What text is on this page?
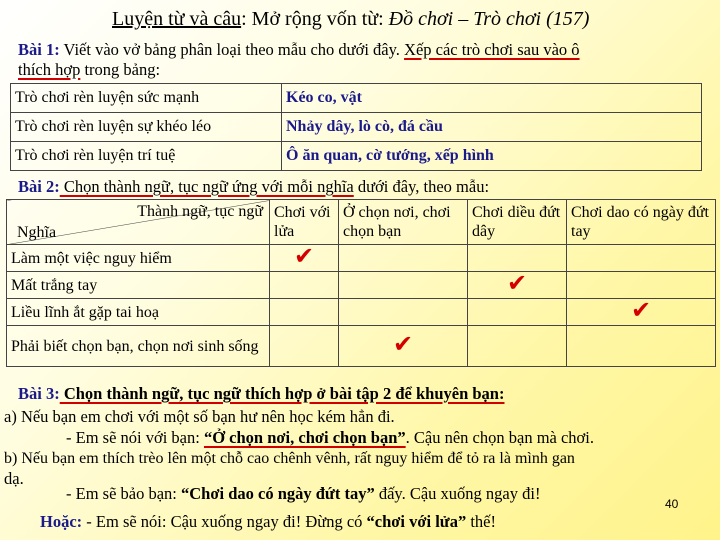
Luyện từ và câu: Mở rộng vốn từ: Đồ chơi – Trò chơi (157)
Bài 1: Viết vào vở bảng phân loại theo mẫu cho dưới đây. Xếp các trò chơi sau vào ô
thích hợp trong bảng:
Trò chơi rèn luyện sức mạnh	Kéo co, vật
Trò chơi rèn luyện sự khéo léo	Nhảy dây, lò cò, đá cầu
Trò chơi rèn luyện trí tuệ	Ô ăn quan, cờ tướng, xếp hình
Bài 2: Chọn thành ngữ, tục ngữ ứng với mỗi nghĩa dưới đây, theo mẫu:
Thành ngữ, tục ngữ
Nghĩa	Chơi với lửa	Ở chọn nơi, chơi chọn bạn	Chơi diều đứt dây	Chơi dao có ngày đứt tay
Làm một việc nguy hiểm	✔			
Mất trắng tay			✔	
Liều lĩnh ắt gặp tai hoạ				✔
Phải biết chọn bạn, chọn nơi sinh sống		✔		
Bài 3: Chọn thành ngữ, tục ngữ thích hợp ở bài tập 2 để khuyên bạn:
a) Nếu bạn em chơi với một số bạn hư nên học kém hẳn đi.
- Em sẽ nói với bạn: “Ở chọn nơi, chơi chọn bạn”. Cậu nên chọn bạn mà chơi.
b) Nếu bạn em thích trèo lên một chỗ cao chênh vênh, rất nguy hiểm để tỏ ra là mình gan
dạ.
- Em sẽ bảo bạn: “Chơi dao có ngày đứt tay” đấy. Cậu xuống ngay đi!
Hoặc: - Em sẽ nói: Cậu xuống ngay đi! Đừng có “chơi với lửa” thế!
40
